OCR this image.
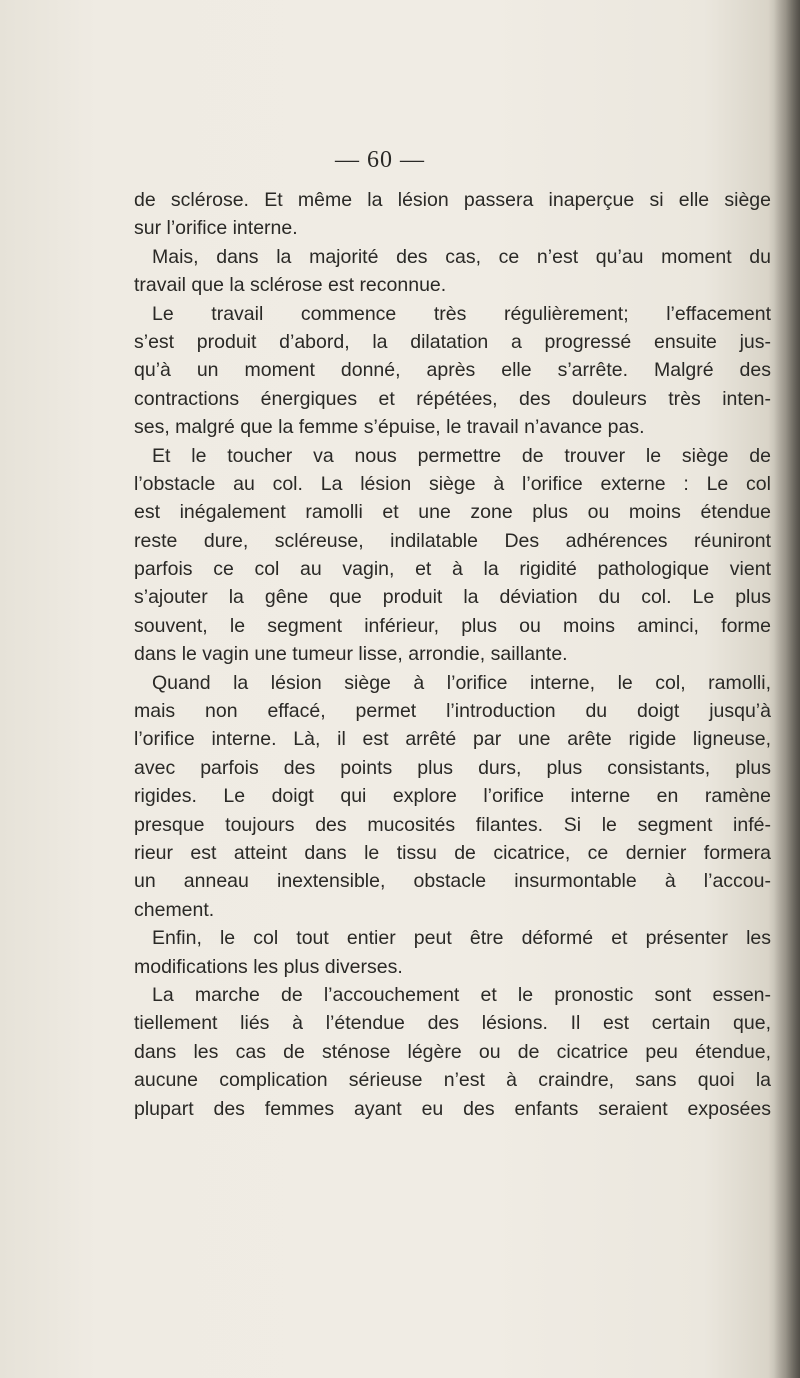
— 60 —
de sclérose. Et même la lésion passera inaperçue si elle siège
sur l’orifice interne.
Mais, dans la majorité des cas, ce n’est qu’au moment du
travail que la sclérose est reconnue.
Le travail commence très régulièrement; l’effacement
s’est produit d’abord, la dilatation a progressé ensuite jus-
qu’à un moment donné, après elle s’arrête. Malgré des
contractions énergiques et répétées, des douleurs très inten-
ses, malgré que la femme s’épuise, le travail n’avance pas.
Et le toucher va nous permettre de trouver le siège de
l’obstacle au col. La lésion siège à l’orifice externe : Le col
est inégalement ramolli et une zone plus ou moins étendue
reste dure, scléreuse, indilatable Des adhérences réuniront
parfois ce col au vagin, et à la rigidité pathologique vient
s’ajouter la gêne que produit la déviation du col. Le plus
souvent, le segment inférieur, plus ou moins aminci, forme
dans le vagin une tumeur lisse, arrondie, saillante.
Quand la lésion siège à l’orifice interne, le col, ramolli,
mais non effacé, permet l’introduction du doigt jusqu’à
l’orifice interne. Là, il est arrêté par une arête rigide ligneuse,
avec parfois des points plus durs, plus consistants, plus
rigides. Le doigt qui explore l’orifice interne en ramène
presque toujours des mucosités filantes. Si le segment infé-
rieur est atteint dans le tissu de cicatrice, ce dernier formera
un anneau inextensible, obstacle insurmontable à l’accou-
chement.
Enfin, le col tout entier peut être déformé et présenter les
modifications les plus diverses.
La marche de l’accouchement et le pronostic sont essen-
tiellement liés à l’étendue des lésions. Il est certain que,
dans les cas de sténose légère ou de cicatrice peu étendue,
aucune complication sérieuse n’est à craindre, sans quoi la
plupart des femmes ayant eu des enfants seraient exposées
